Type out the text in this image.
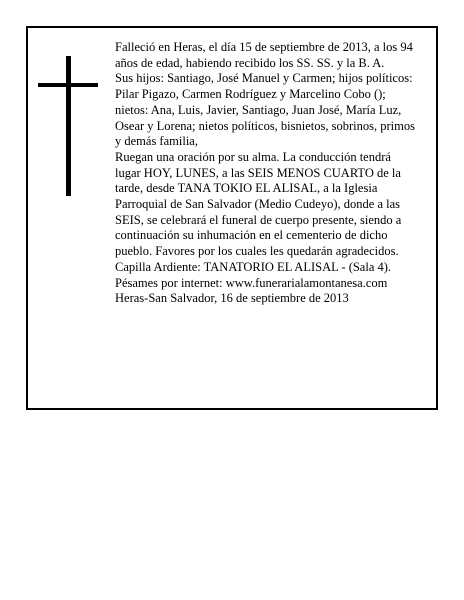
Falleció en Heras, el día 15 de septiembre de 2013, a los 94 años de edad, habiendo recibido los SS. SS. y la B. A.

Sus hijos: Santiago, José Manuel y Carmen; hijos políticos: Pilar Pigazo, Carmen Rodríguez y Marcelino Cobo (); nietos: Ana, Luis, Javier, Santiago, Juan José, María Luz, Osear y Lorena; nietos políticos, bisnietos, sobrinos, primos y demás familia,

Ruegan una oración por su alma. La conducción tendrá lugar HOY, LUNES, a las SEIS MENOS CUARTO de la tarde, desde TANA TOKIO EL ALISAL, a la Iglesia Parroquial de San Salvador (Medio Cudeyo), donde a las SEIS, se celebrará el funeral de cuerpo presente, siendo a continuación su inhumación en el cementerio de dicho pueblo. Favores por los cuales les quedarán agradecidos. Capilla Ardiente: TANATORIO EL ALISAL - (Sala 4).

Pésames por internet: www.funerarialamontanesa.com

Heras-San Salvador, 16 de septiembre de 2013
